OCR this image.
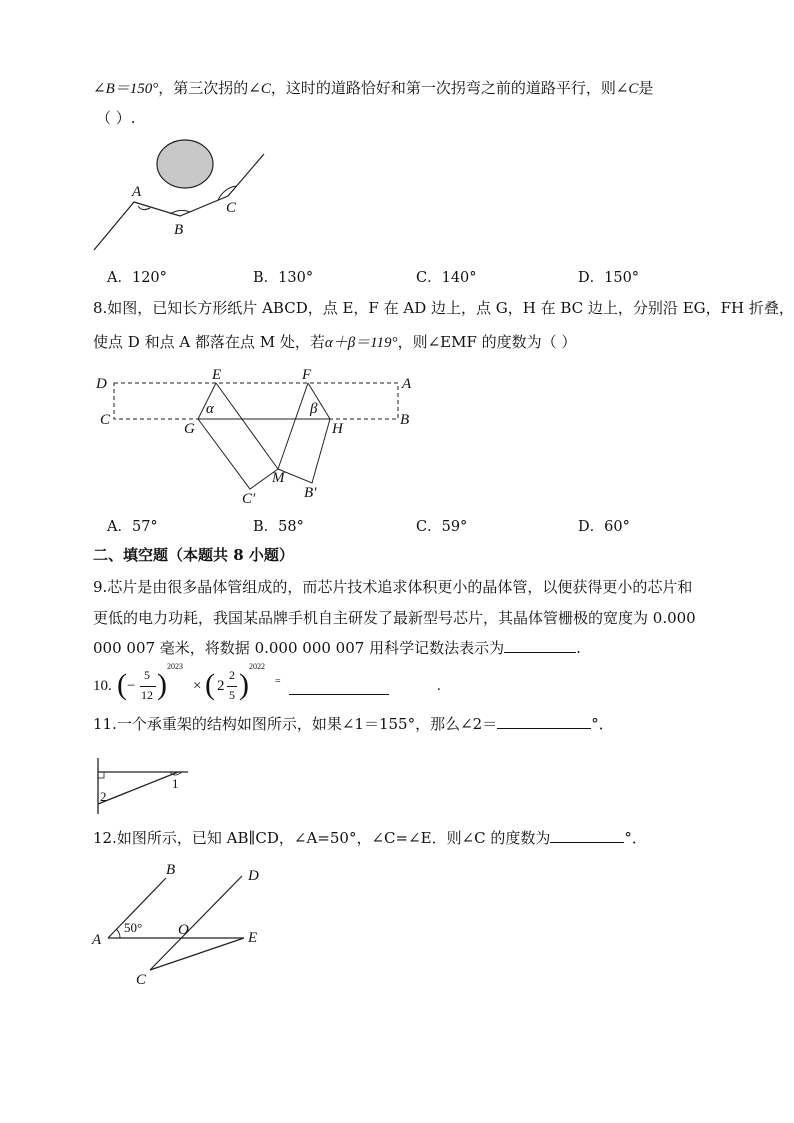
∠B＝150°，第三次拐的∠C，这时的道路恰好和第一次拐弯之前的道路平行，则∠C是
（ ）.
A
B
C
A．120°	B．130°	C．140°	D．150°
8.如图，已知长方形纸片 ABCD，点 E，F 在 AD 边上，点 G，H 在 BC 边上，分别沿 EG，FH 折叠，
使点 D 和点 A 都落在点 M 处，若α＋β＝119°，则∠EMF 的度数为（ ）
D
E	F
A
C
G	H
B
M
C′	B′
α	β
A．57°	B．58°	C．59°	D．60°
二、填空题（本题共 8 小题）
9.芯片是由很多晶体管组成的，而芯片技术追求体积更小的晶体管，以便获得更小的芯片和
更低的电力功耗，我国某品牌手机自主研发了最新型号芯片，其晶体管栅极的宽度为 0.000
000 007 毫米，将数据 0.000 000 007 用科学记数法表示为	.
10. ( −
5
12 )
2023
× ( 2
2
5 )
2022
=	.
11.一个承重架的结构如图所示，如果∠1＝155°，那么∠2＝	°．
1
2
12.如图所示，已知 AB∥CD，∠A=50°，∠C=∠E．则∠C 的度数为	°．
A
B
C
D
E
O
50°
